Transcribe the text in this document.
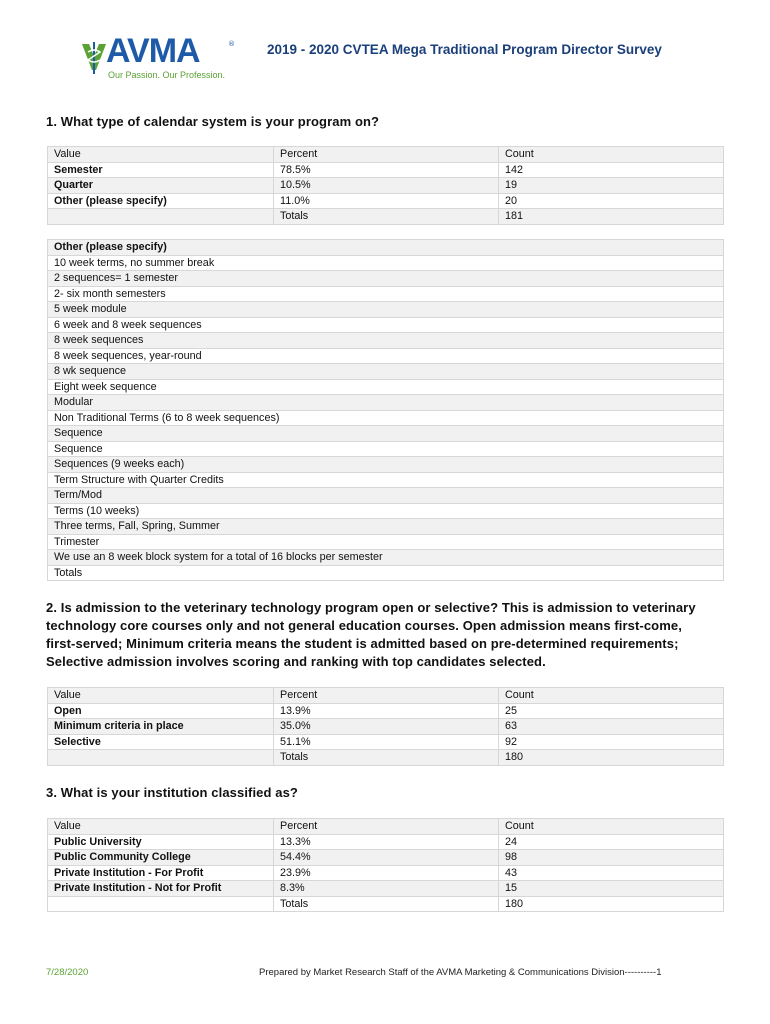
AVMA	®
Our Passion. Our Profession.
2019 - 2020 CVTEA Mega Traditional Program Director Survey

1. What type of calendar system is your program on?

Value	Percent	Count
Semester	78.5%	142
Quarter	10.5%	19
Other (please specify)	11.0%	20
	Totals	181
Other (please specify)
10 week terms, no summer break
2 sequences= 1 semester
2- six month semesters
5 week module
6 week and 8 week sequences
8 week sequences
8 week sequences, year-round
8 wk sequence
Eight week sequence
Modular
Non Traditional Terms (6 to 8 week sequences)
Sequence
Sequence
Sequences (9 weeks each)
Term Structure with Quarter Credits
Term/Mod
Terms (10 weeks)
Three terms, Fall, Spring, Summer
Trimester
We use an 8 week block system for a total of 16 blocks per semester
Totals

2. Is admission to the veterinary technology program open or selective? This is admission to veterinary

technology core courses only and not general education courses. Open admission means first-come,

first-served; Minimum criteria means the student is admitted based on pre-determined requirements;

Selective admission involves scoring and ranking with top candidates selected.

Value	Percent	Count
Open	13.9%	25
Minimum criteria in place	35.0%	63
Selective	51.1%	92
	Totals	180

3. What is your institution classified as?

Value	Percent	Count
Public University	13.3%	24
Public Community College	54.4%	98
Private Institution - For Profit	23.9%	43
Private Institution - Not for Profit	8.3%	15
	Totals	180
7/28/2020	Prepared by Market Research Staff of the AVMA Marketing & Communications Division----------1
